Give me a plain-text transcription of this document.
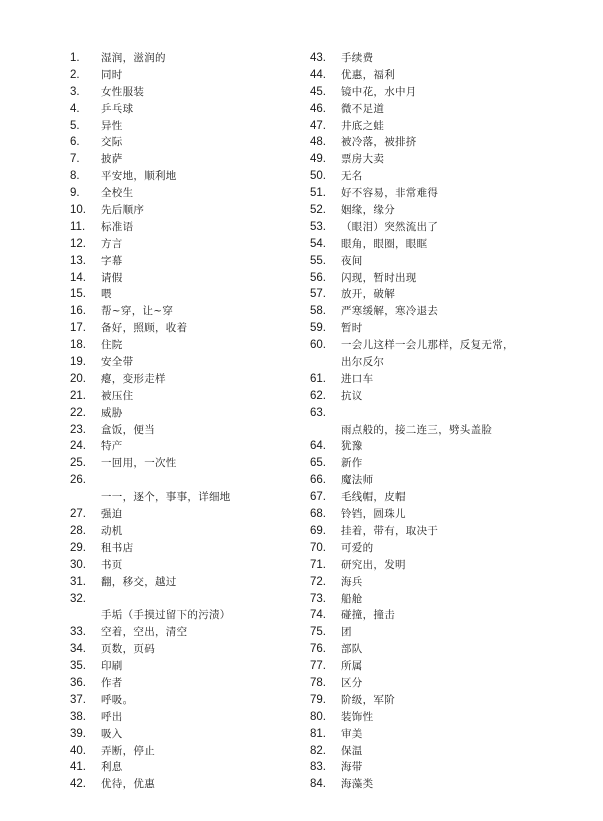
1.	湿润，滋润的
2.	同时
3.	女性服装
4.	乒乓球
5.	异性
6.	交际
7.	披萨
8.	平安地，顺利地
9.	全校生
10.	先后顺序
11.	标准语
12.	方言
13.	字幕
14.	请假
15.	喂
16.	帮~穿，让~穿
17.	备好，照顾，收着
18.	住院
19.	安全带
20.	瘪，变形走样
21.	被压住
22.	威胁
23.	盒饭，便当
24.	特产
25.	一回用，一次性
26.
一一，逐个，事事，详细地
27.	强迫
28.	动机
29.	租书店
30.	书页
31.	翻，移交，越过
32.
手垢（手摸过留下的污渍）
33.	空着，空出，清空
34.	页数，页码
35.	印刷
36.	作者
37.	呼吸。
38.	呼出
39.	吸入
40.	弄断，停止
41.	利息
42.	优待，优惠
43.	手续费
44.	优惠，福利
45.	镜中花，水中月
46.	微不足道
47.	井底之蛙
48.	被冷落，被排挤
49.	票房大卖
50.	无名
51.	好不容易，非常难得
52.	姻缘，缘分
53.	（眼泪）突然流出了
54.	眼角，眼圈，眼眶
55.	夜间
56.	闪现，暂时出现
57.	放开，破解
58.	严寒缓解，寒冷退去
59.	暂时
60.	一会儿这样一会儿那样，反复无常，
出尔反尔
61.	进口车
62.	抗议
63.
雨点般的，接二连三，劈头盖脸
64.	犹豫
65.	新作
66.	魔法师
67.	毛线帽，皮帽
68.	铃铛，圆珠儿
69.	挂着，带有，取决于
70.	可爱的
71.	研究出，发明
72.	海兵
73.	船舱
74.	碰撞，撞击
75.	团
76.	部队
77.	所属
78.	区分
79.	阶级，军阶
80.	装饰性
81.	审美
82.	保温
83.	海带
84.	海藻类
